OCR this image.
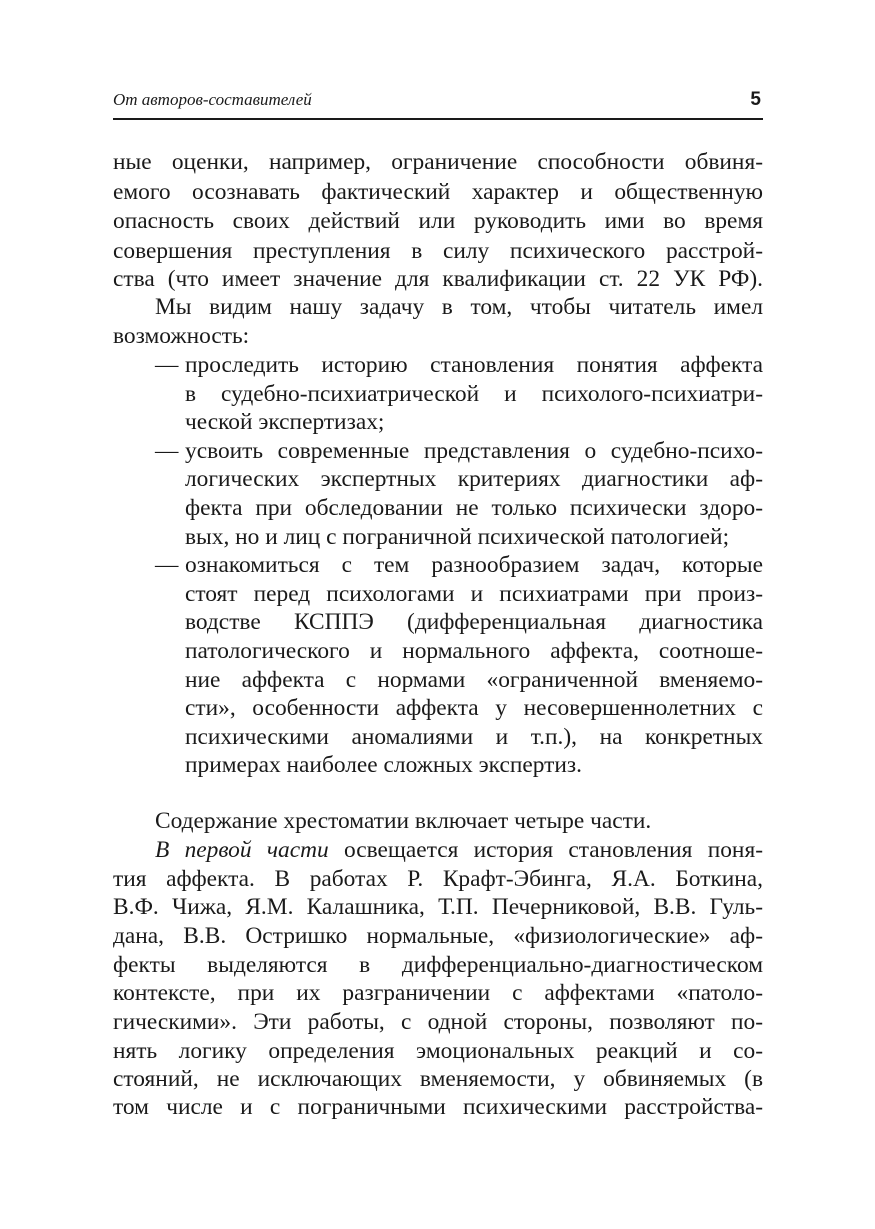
От авторов-составителей	5
ные оценки, например, ограничение способности обвиня-
емого осознавать фактический характер и общественную
опасность своих действий или руководить ими во время
совершения преступления в силу психического расстрой-
ства (что имеет значение для квалификации ст. 22 УК РФ).
Мы видим нашу задачу в том, чтобы читатель имел
возможность:
— проследить историю становления понятия аффекта
в судебно-психиатрической и психолого-психиатри-
ческой экспертизах;
— усвоить современные представления о судебно-психо-
логических экспертных критериях диагностики аф-
фекта при обследовании не только психически здоро-
вых, но и лиц с пограничной психической патологией;
— ознакомиться с тем разнообразием задач, которые
стоят перед психологами и психиатрами при произ-
водстве КСППЭ (дифференциальная диагностика
патологического и нормального аффекта, соотноше-
ние аффекта с нормами «ограниченной вменяемо-
сти», особенности аффекта у несовершеннолетних с
психическими аномалиями и т.п.), на конкретных
примерах наиболее сложных экспертиз.
Содержание хрестоматии включает четыре части.
В первой части освещается история становления поня-
тия аффекта. В работах Р. Крафт-Эбинга, Я.А. Боткина,
В.Ф. Чижа, Я.М. Калашника, Т.П. Печерниковой, В.В. Гуль-
дана, В.В. Остришко нормальные, «физиологические» аф-
фекты выделяются в дифференциально-диагностическом
контексте, при их разграничении с аффектами «патоло-
гическими». Эти работы, с одной стороны, позволяют по-
нять логику определения эмоциональных реакций и со-
стояний, не исключающих вменяемости, у обвиняемых (в
том числе и с пограничными психическими расстройства-
